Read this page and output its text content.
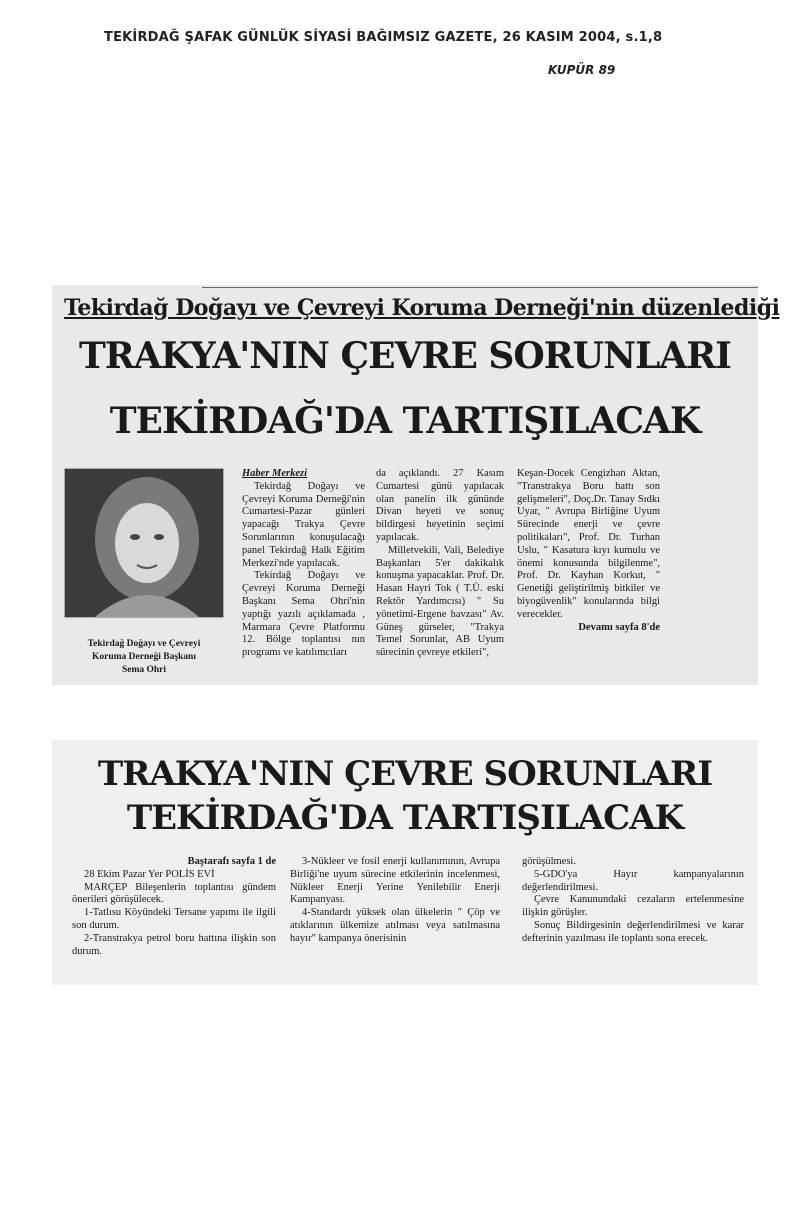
TEKİRDAĞ ŞAFAK GÜNLÜK SİYASİ BAĞIMSIZ GAZETE, 26 KASIM 2004, s.1,8
KUPÜR 89
Tekirdağ Doğayı ve Çevreyi Koruma Derneği'nin düzenlediği
TRAKYA'NIN ÇEVRE SORUNLARI
TEKİRDAĞ'DA TARTIŞILACAK
Tekirdağ Doğayı ve Çevreyi
Koruma Derneği Başkanı
Sema Ohri

Haber Merkezi

Tekirdağ Doğayı ve Çevreyi Koruma Derneği'nin Cumartesi-Pazar günleri yapacağı Trakya Çevre Sorunlarının konuşulacağı panel Tekirdağ Halk Eğitim Merkezi'nde yapılacak.

Tekirdağ Doğayı ve Çevreyi Koruma Derneği Başkanı Sema Ohri'nin yaptığı yazılı açıklamada , Marmara Çevre Platformu 12. Bölge toplantısı nın programı ve katılımcıları

da açıklandı. 27 Kasım Cumartesi günü yapılacak olan panelin ilk gününde Divan heyeti ve sonuç bildirgesi heyetinin seçimi yapılacak.

Milletvekili, Vali, Belediye Başkanları 5'er dakikalık konuşma yapacaklar. Prof. Dr. Hasan Hayri Tok ( T.Ü. eski Rektör Yardımcısı) " Su yönetimi-Ergene havzası" Av. Güneş gürseler, "Trakya Temel Sorunlar, AB Uyum sürecinin çevreye etkileri",

Keşan-Docek Cengizhan Aktan, "Transtrakya Boru hattı son gelişmeleri", Doç.Dr. Tanay Sıdkı Uyar, " Avrupa Birliğine Uyum Sürecinde enerji ve çevre politikaları", Prof. Dr. Turhan Uslu, " Kasatura kıyı kumulu ve önemi konusunda bilgilenme", Prof. Dr. Kayhan Korkut, " Genetiği geliştirilmiş bitkiler ve biyogüvenlik" konularında bilgi verecekler.

Devamı sayfa 8'de

TRAKYA'NIN ÇEVRE SORUNLARI
TEKİRDAĞ'DA TARTIŞILACAK

Baştarafı sayfa 1 de

28 Ekim Pazar Yer POLİS EVİ

MARÇEP Bileşenlerin toplantısı gündem önerileri görüşülecek.

1-Tatlısu Köyündeki Tersane yapımı ile ilgili son durum.

2-Transtrakya petrol boru hattına ilişkin son durum.

3-Nükleer ve fosil enerji kullanımının, Avrupa Birliği'ne uyum sürecine etkilerinin incelenmesi, Nükleer Enerji Yerine Yenilebilir Enerji Kampanyası.

4-Standardı yüksek olan ülkelerin " Çöp ve atıklarının ülkemize atılması veya satılmasına hayır" kampanya önerisinin

görüşülmesi.

5-GDO'ya Hayır kampanyalarının değerlendirilmesi.

Çevre Kanunundaki cezaların ertelenmesine ilişkin görüşler.

Sonuç Bildirgesinin değerlendirilmesi ve karar defterinin yazılması ile toplantı sona erecek.
